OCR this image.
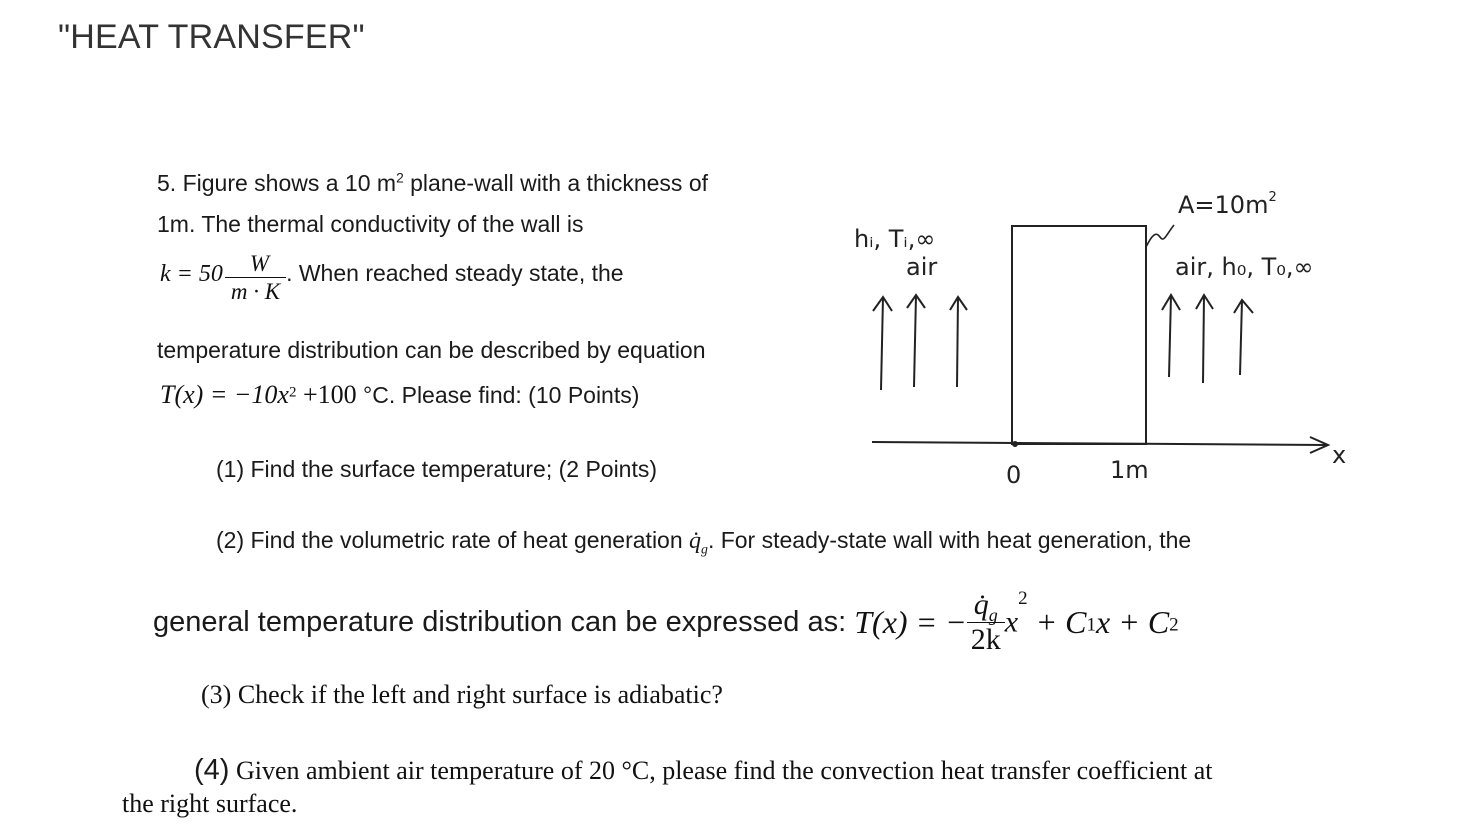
"HEAT TRANSFER"
5. Figure shows a 10 $m^2$ plane-wall with a thickness of
1m. The thermal conductivity of the wall is
$k = 50 \frac{W}{m \cdot K}$ . When reached steady state, the
temperature distribution can be described by equation
$T(x) = -10x^2 +100$ °C. Please find: (10 Points)
(1) Find the surface temperature; (2 Points)
(2) Find the volumetric rate of heat generation $q̇_g$. For steady-state wall with heat generation, the
general temperature distribution can be expressed as: T(x) = − $\frac{q̇_g}{2k} x^2 + C_1x + C_2$
(3) Check if the left and right surface is adiabatic?
(4) Given ambient air temperature of 20 °C, please find the convection heat transfer coefficient at
the right surface.
hᵢ, Tᵢ,∞
air
$A=10m^2$
air, h₀, T₀,∞
0	1m
x
